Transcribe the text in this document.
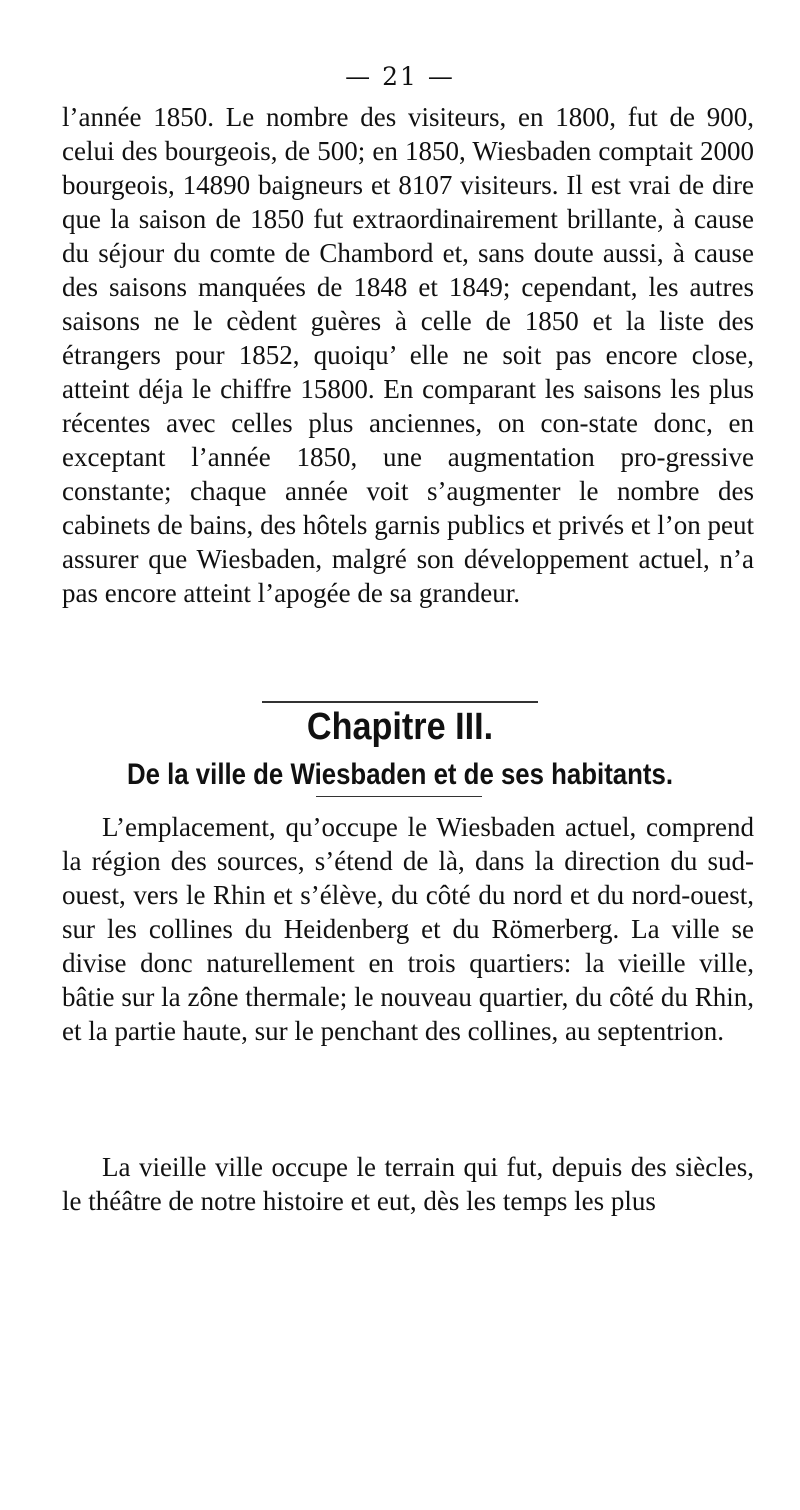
— 21 —

l’année 1850. Le nombre des visiteurs, en 1800, fut de 900, celui des bourgeois, de 500; en 1850, Wiesbaden comptait 2000 bourgeois, 14890 baigneurs et 8107 visiteurs. Il est vrai de dire que la saison de 1850 fut extraordinairement brillante, à cause du séjour du comte de Chambord et, sans doute aussi, à cause des saisons manquées de 1848 et 1849; cependant, les autres saisons ne le cèdent guères à celle de 1850 et la liste des étrangers pour 1852, quoiqu’ elle ne soit pas encore close, atteint déja le chiffre 15800. En comparant les saisons les plus récentes avec celles plus anciennes, on con-state donc, en exceptant l’année 1850, une augmentation pro-gressive constante; chaque année voit s’augmenter le nombre des cabinets de bains, des hôtels garnis publics et privés et l’on peut assurer que Wiesbaden, malgré son développement actuel, n’a pas encore atteint l’apogée de sa grandeur.

Chapitre III.
De la ville de Wiesbaden et de ses habitants.

L’emplacement, qu’occupe le Wiesbaden actuel, comprend la région des sources, s’étend de là, dans la direction du sud-ouest, vers le Rhin et s’élève, du côté du nord et du nord-ouest, sur les collines du Heidenberg et du Römerberg. La ville se divise donc naturellement en trois quartiers: la vieille ville, bâtie sur la zône thermale; le nouveau quartier, du côté du Rhin, et la partie haute, sur le penchant des collines, au septentrion.

La vieille ville occupe le terrain qui fut, depuis des siècles, le théâtre de notre histoire et eut, dès les temps les plus
